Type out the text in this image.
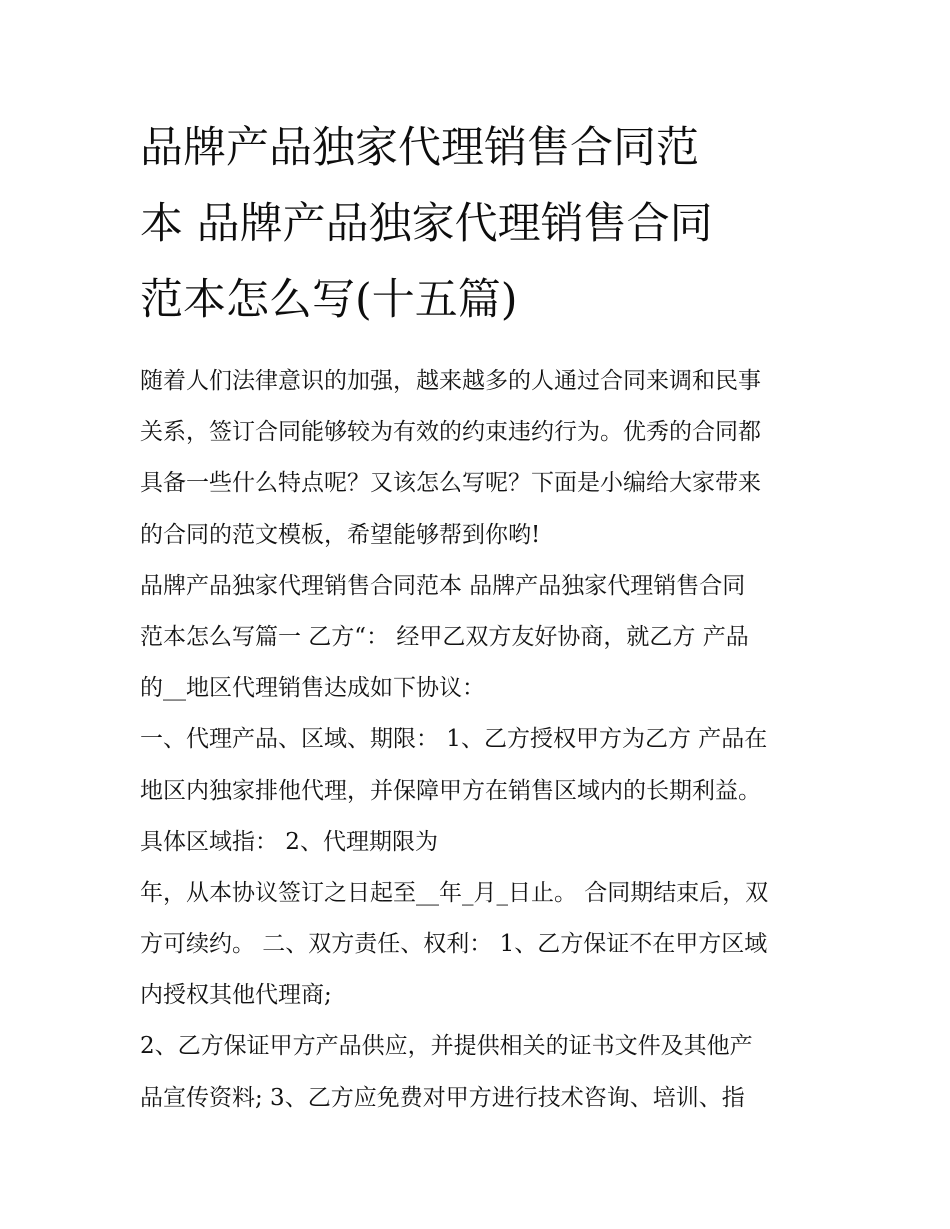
品牌产品独家代理销售合同范
本 品牌产品独家代理销售合同
范本怎么写(十五篇)
随着人们法律意识的加强，越来越多的人通过合同来调和民事
关系，签订合同能够较为有效的约束违约行为。优秀的合同都
具备一些什么特点呢？又该怎么写呢？下面是小编给大家带来
的合同的范文模板，希望能够帮到你哟!
品牌产品独家代理销售合同范本 品牌产品独家代理销售合同
范本怎么写篇一 乙方“： 经甲乙双方友好协商，就乙方 产品
的__地区代理销售达成如下协议：
一、代理产品、区域、期限： 1、乙方授权甲方为乙方 产品在
地区内独家排他代理，并保障甲方在销售区域内的长期利益。
具体区域指： 2、代理期限为
年，从本协议签订之日起至__年_月_日止。 合同期结束后，双
方可续约。 二、双方责任、权利： 1、乙方保证不在甲方区域
内授权其他代理商;
2、乙方保证甲方产品供应，并提供相关的证书文件及其他产
品宣传资料; 3、乙方应免费对甲方进行技术咨询、培训、指
